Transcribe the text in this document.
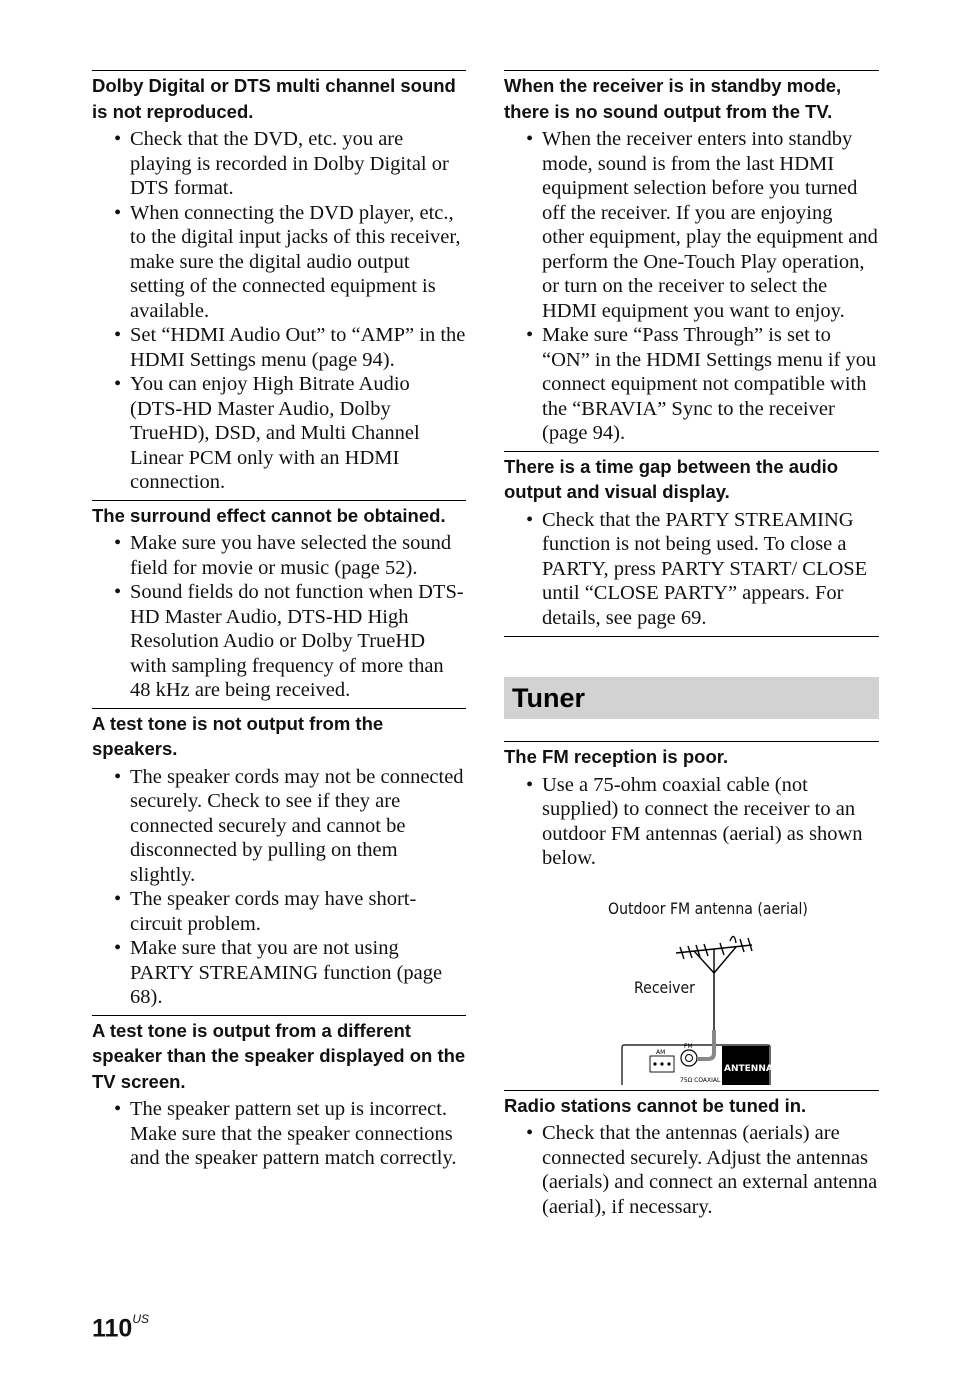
Dolby Digital or DTS multi channel sound is not reproduced.

• Check that the DVD, etc. you are playing is recorded in Dolby Digital or DTS format.
• When connecting the DVD player, etc., to the digital input jacks of this receiver, make sure the digital audio output setting of the connected equipment is available.
• Set “HDMI Audio Out” to “AMP” in the HDMI Settings menu (page 94).
• You can enjoy High Bitrate Audio (DTS-HD Master Audio, Dolby TrueHD), DSD, and Multi Channel Linear PCM only with an HDMI connection.

The surround effect cannot be obtained.

• Make sure you have selected the sound field for movie or music (page 52).
• Sound fields do not function when DTS-HD Master Audio, DTS-HD High Resolution Audio or Dolby TrueHD with sampling frequency of more than 48 kHz are being received.

A test tone is not output from the speakers.

• The speaker cords may not be connected securely. Check to see if they are connected securely and cannot be disconnected by pulling on them slightly.
• The speaker cords may have short-circuit problem.
• Make sure that you are not using PARTY STREAMING function (page 68).

A test tone is output from a different speaker than the speaker displayed on the TV screen.

• The speaker pattern set up is incorrect. Make sure that the speaker connections and the speaker pattern match correctly.

When the receiver is in standby mode, there is no sound output from the TV.

• When the receiver enters into standby mode, sound is from the last HDMI equipment selection before you turned off the receiver. If you are enjoying other equipment, play the equipment and perform the One-Touch Play operation, or turn on the receiver to select the HDMI equipment you want to enjoy.
• Make sure “Pass Through” is set to “ON” in the HDMI Settings menu if you connect equipment not compatible with the “BRAVIA” Sync to the receiver (page 94).

There is a time gap between the audio output and visual display.

• Check that the PARTY STREAMING function is not being used. To close a PARTY, press PARTY START/ CLOSE until “CLOSE PARTY” appears. For details, see page 69.
Tuner

The FM reception is poor.

• Use a 75-ohm coaxial cable (not supplied) to connect the receiver to an outdoor FM antennas (aerial) as shown below.
AM
FM
75Ω COAXIAL
ANTENNA
Outdoor FM antenna (aerial)
Receiver

Radio stations cannot be tuned in.

• Check that the antennas (aerials) are connected securely. Adjust the antennas (aerials) and connect an external antenna (aerial), if necessary.
$110^{US}$
